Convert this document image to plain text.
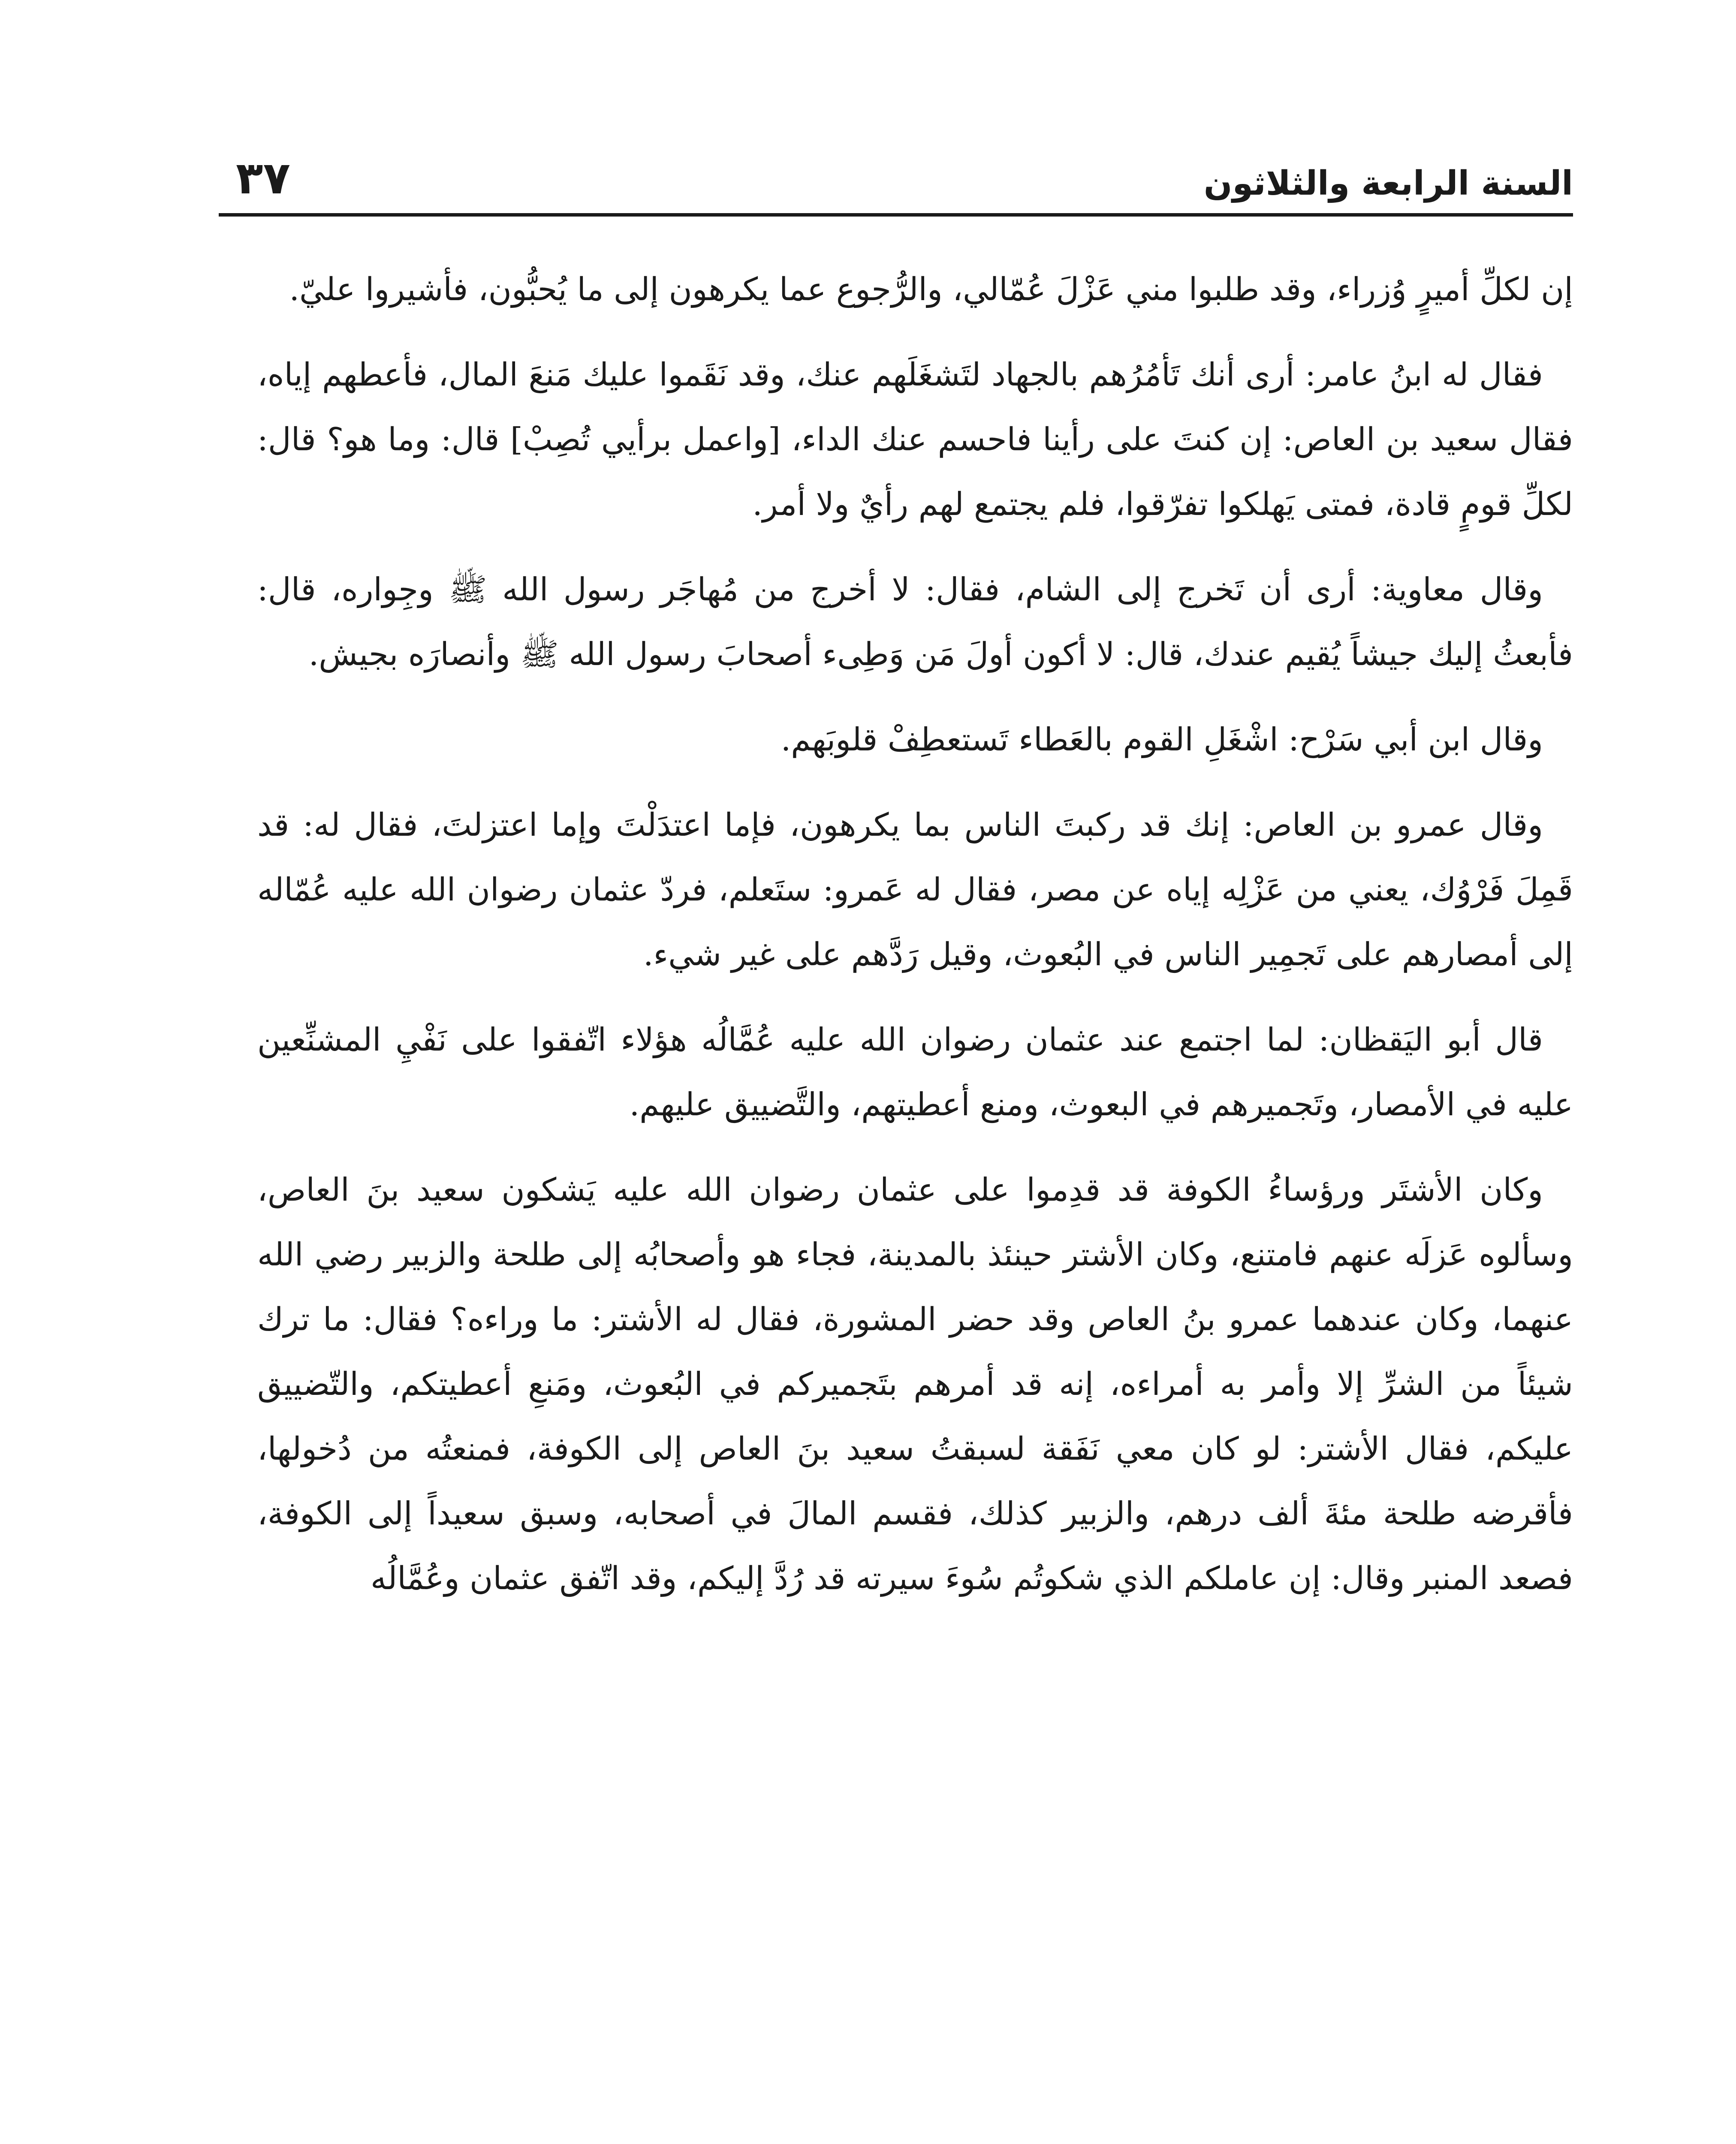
السنة الرابعة والثلاثون
٣٧

إن لكلِّ أميرٍ وُزراء، وقد طلبوا مني عَزْلَ عُمّالي، والرُّجوع عما يكرهون إلى ما يُحبُّون، فأشيروا عليّ.

فقال له ابنُ عامر: أرى أنك تَأمُرُهم بالجهاد لتَشغَلَهم عنك، وقد نَقَموا عليك مَنعَ المال، فأعطهم إياه، فقال سعيد بن العاص: إن كنتَ على رأينا فاحسم عنك الداء، [واعمل برأيي تُصِبْ] قال: وما هو؟ قال: لكلِّ قومٍ قادة، فمتى يَهلكوا تفرّقوا، فلم يجتمع لهم رأيٌ ولا أمر.

وقال معاوية: أرى أن تَخرج إلى الشام، فقال: لا أخرج من مُهاجَر رسول الله ﷺ وجِواره، قال: فأبعثُ إليك جيشاً يُقيم عندك، قال: لا أكون أولَ مَن وَطِىء أصحابَ رسول الله ﷺ وأنصارَه بجيش.

وقال ابن أبي سَرْح: اشْغَلِ القوم بالعَطاء تَستعطِفْ قلوبَهم.

وقال عمرو بن العاص: إنك قد ركبتَ الناس بما يكرهون، فإما اعتدَلْتَ وإما اعتزلتَ، فقال له: قد قَمِلَ فَرْوُك، يعني من عَزْلِه إياه عن مصر، فقال له عَمرو: ستَعلم، فردّ عثمان رضوان الله عليه عُمّاله إلى أمصارهم على تَجمِير الناس في البُعوث، وقيل رَدَّهم على غير شيء.

قال أبو اليَقظان: لما اجتمع عند عثمان رضوان الله عليه عُمَّالُه هؤلاء اتّفقوا على نَفْيِ المشنِّعين عليه في الأمصار، وتَجميرهم في البعوث، ومنع أعطيتهم، والتَّضييق عليهم.

وكان الأشتَر ورؤساءُ الكوفة قد قدِموا على عثمان رضوان الله عليه يَشكون سعيد بنَ العاص، وسألوه عَزلَه عنهم فامتنع، وكان الأشتر حينئذ بالمدينة، فجاء هو وأصحابُه إلى طلحة والزبير رضي الله عنهما، وكان عندهما عمرو بنُ العاص وقد حضر المشورة، فقال له الأشتر: ما وراءه؟ فقال: ما ترك شيئاً من الشرِّ إلا وأمر به أمراءه، إنه قد أمرهم بتَجميركم في البُعوث، ومَنعِ أعطيتكم، والتّضييق عليكم، فقال الأشتر: لو كان معي نَفَقة لسبقتُ سعيد بنَ العاص إلى الكوفة، فمنعتُه من دُخولها، فأقرضه طلحة مئةَ ألف درهم، والزبير كذلك، فقسم المالَ في أصحابه، وسبق سعيداً إلى الكوفة، فصعد المنبر وقال: إن عاملكم الذي شكوتُم سُوءَ سيرته قد رُدَّ إليكم، وقد اتّفق عثمان وعُمَّالُه
